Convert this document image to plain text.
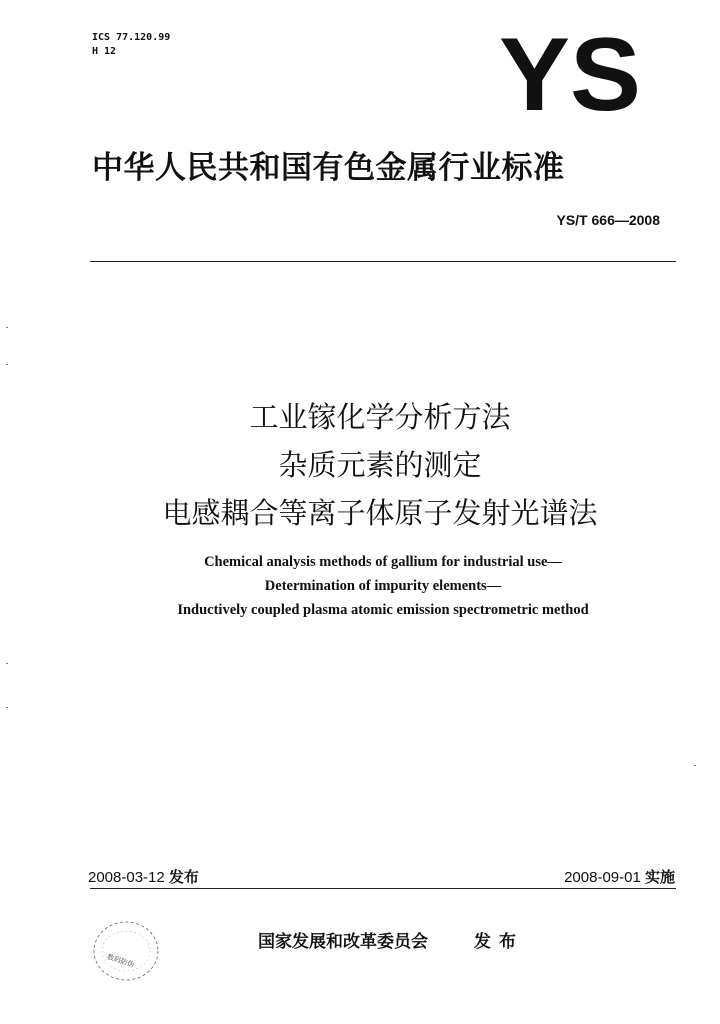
ICS 77.120.99
H 12	YS
中华人民共和国有色金属行业标准
YS/T 666—2008
工业镓化学分析方法
杂质元素的测定
电感耦合等离子体原子发射光谱法
Chemical analysis methods of gallium for industrial use—
Determination of impurity elements—
Inductively coupled plasma atomic emission spectrometric method
2008-03-12 发布	2008-09-01 实施
数码防伪
国家发展和改革委员会	发布
